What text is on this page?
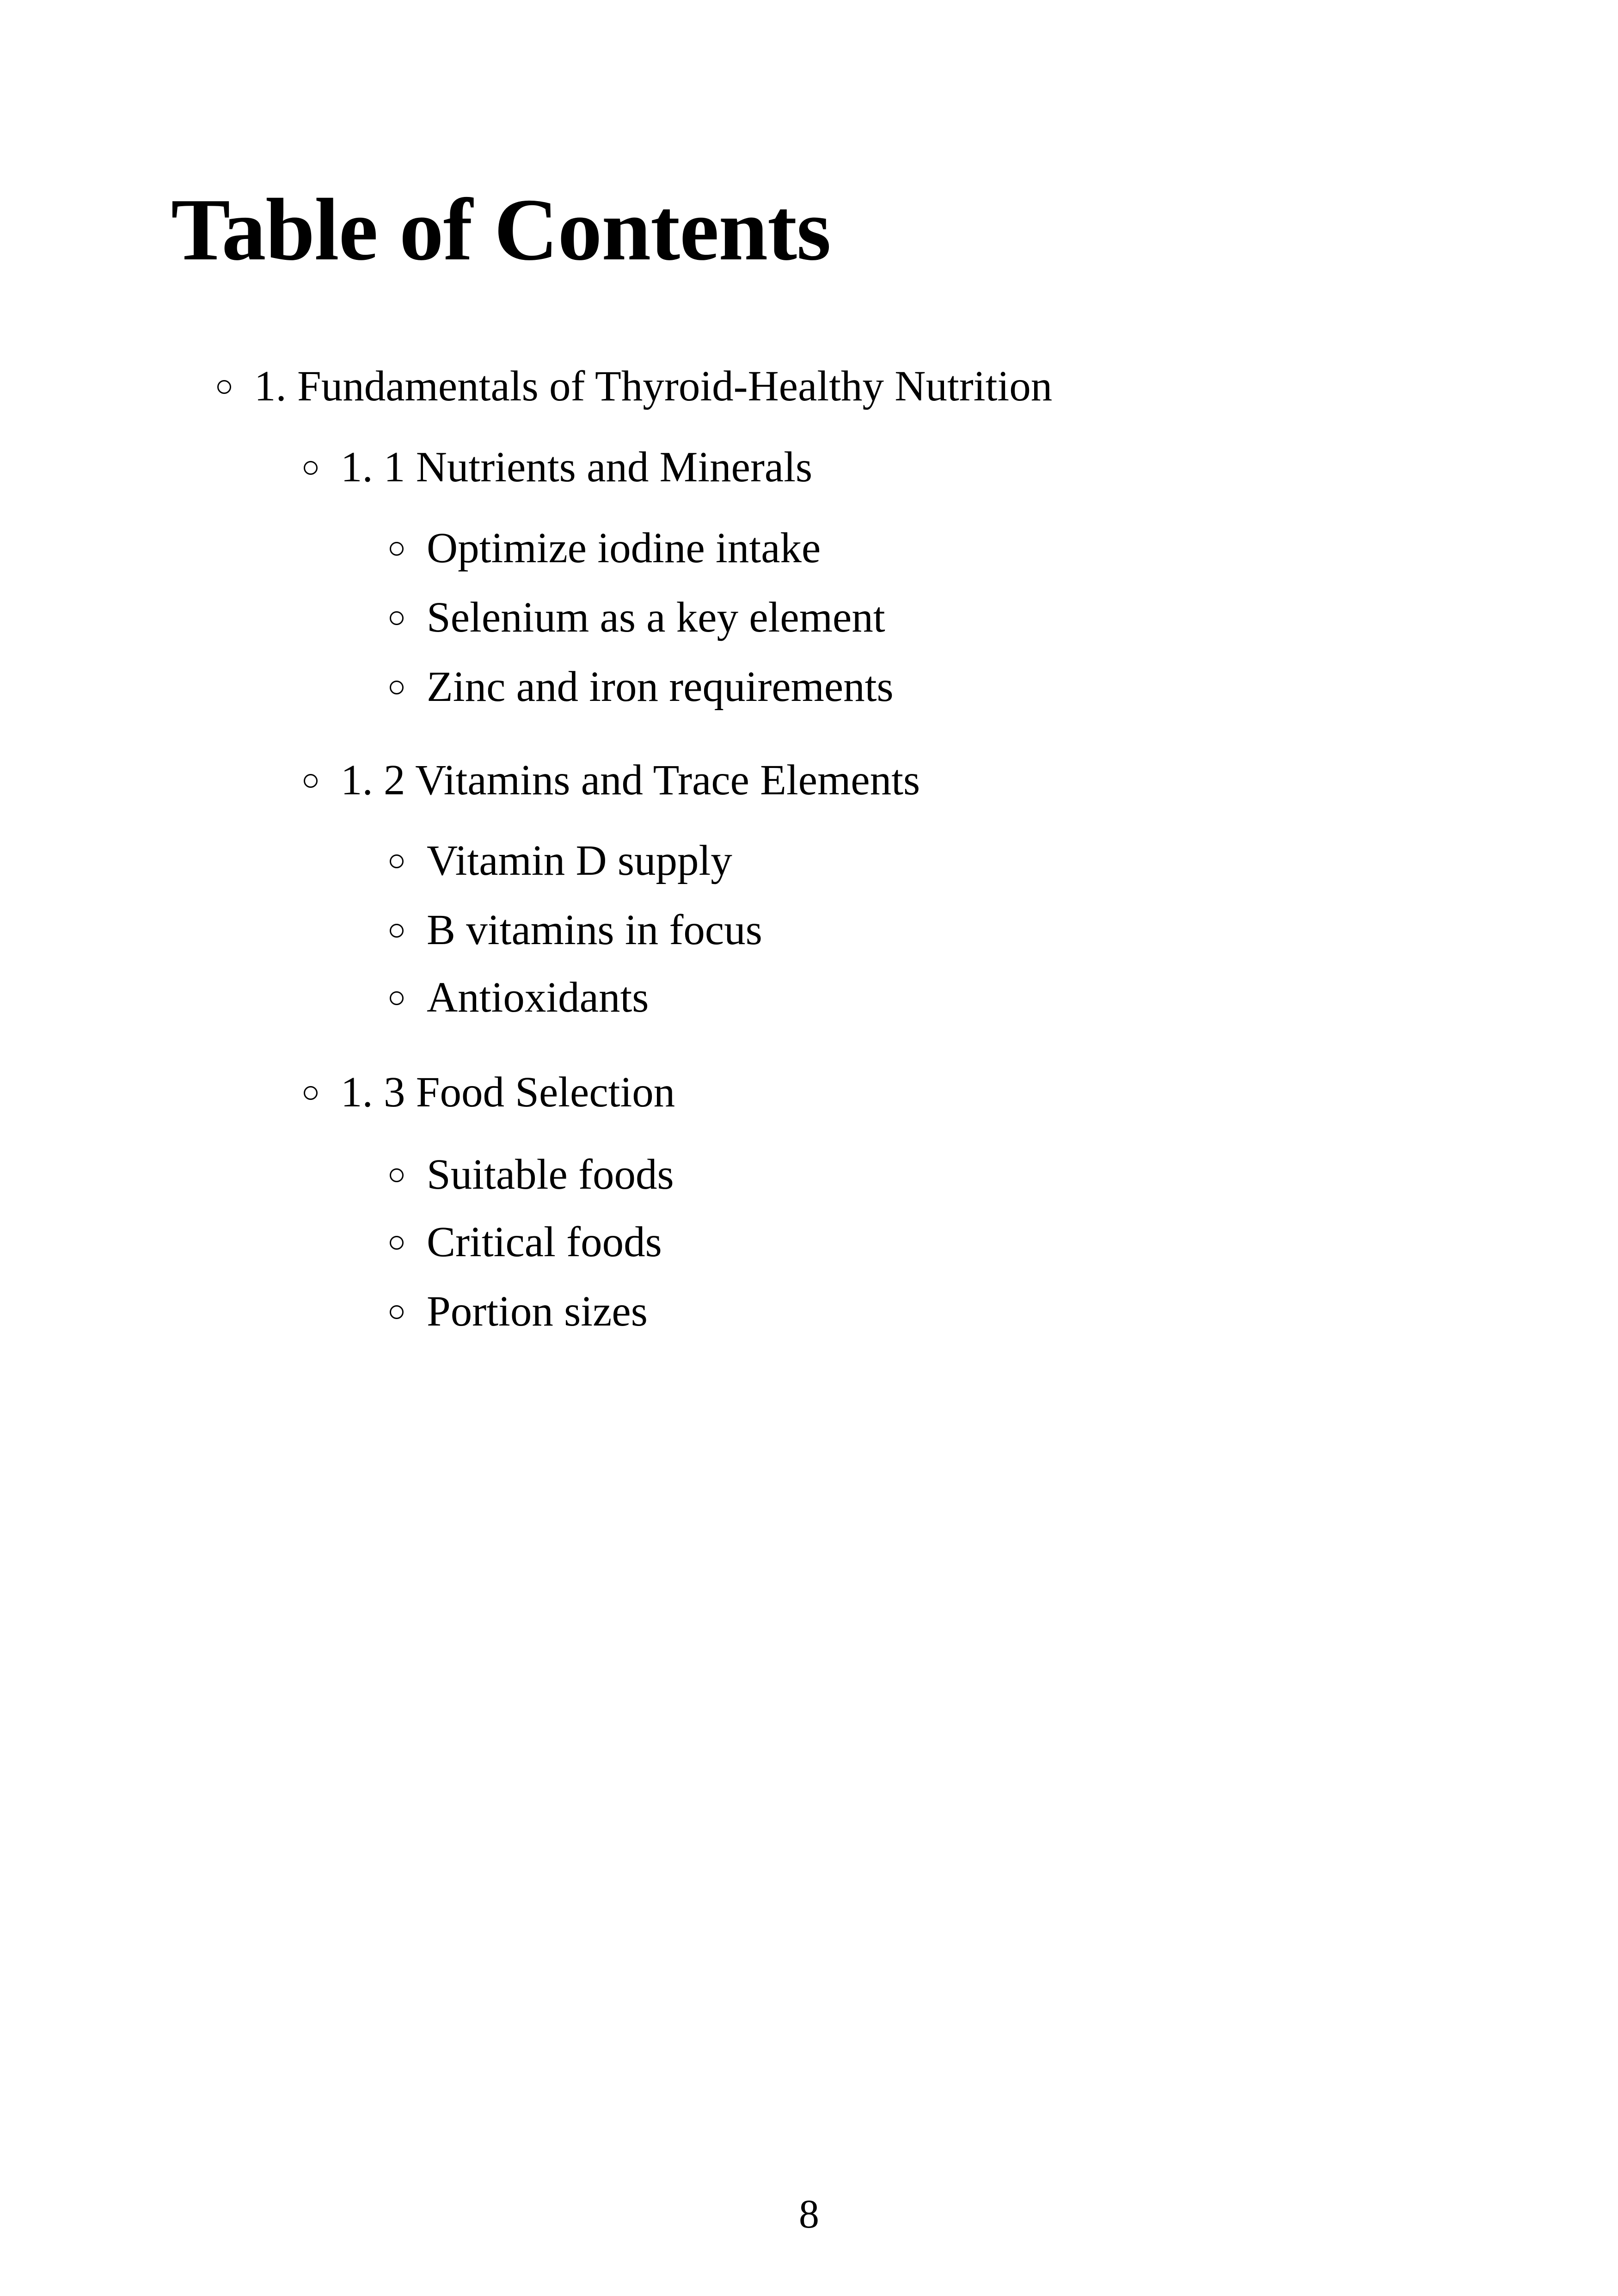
Table of Contents
1. Fundamentals of Thyroid-Healthy Nutrition
1. 1 Nutrients and Minerals
Optimize iodine intake
Selenium as a key element
Zinc and iron requirements
1. 2 Vitamins and Trace Elements
Vitamin D supply
B vitamins in focus
Antioxidants
1. 3 Food Selection
Suitable foods
Critical foods
Portion sizes
8
